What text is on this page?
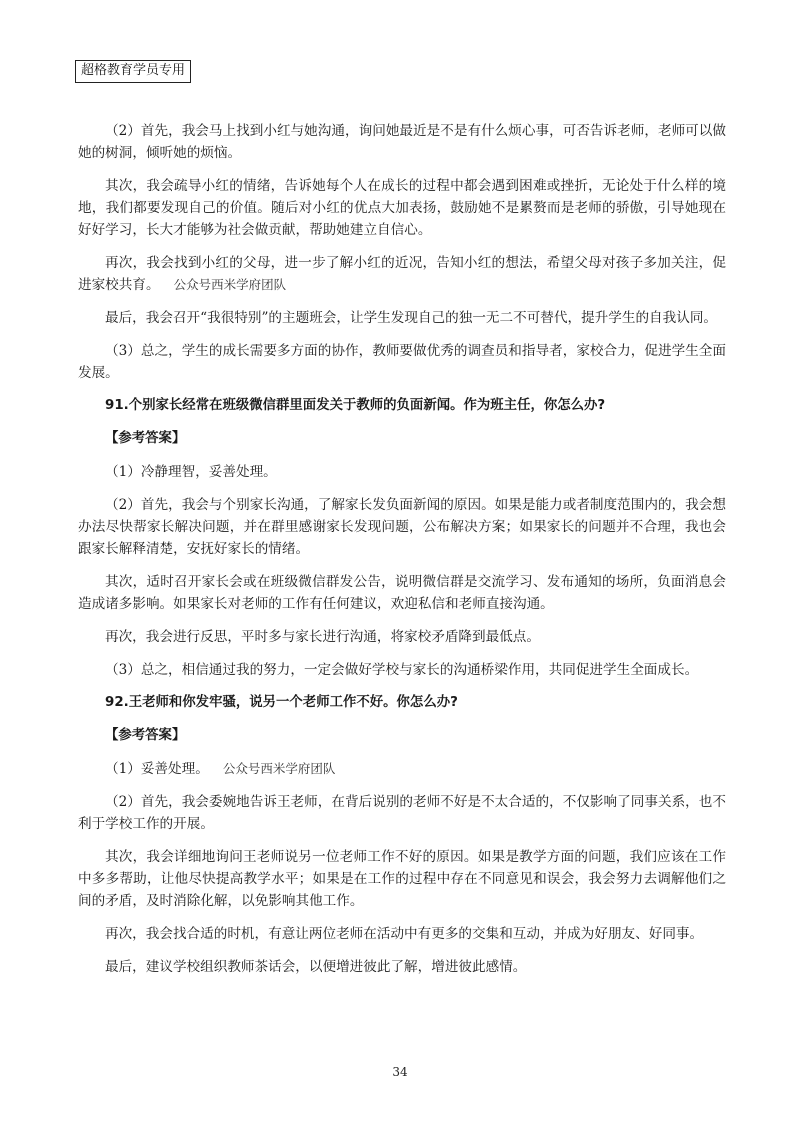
超格教育学员专用

（2）首先，我会马上找到小红与她沟通，询问她最近是不是有什么烦心事，可否告诉老师，老师可以做她的树洞，倾听她的烦恼。

其次，我会疏导小红的情绪，告诉她每个人在成长的过程中都会遇到困难或挫折，无论处于什么样的境地，我们都要发现自己的价值。随后对小红的优点大加表扬，鼓励她不是累赘而是老师的骄傲，引导她现在好好学习，长大才能够为社会做贡献，帮助她建立自信心。

再次，我会找到小红的父母，进一步了解小红的近况，告知小红的想法，希望父母对孩子多加关注，促进家校共育。 公众号西米学府团队

最后，我会召开“我很特别”的主题班会，让学生发现自己的独一无二不可替代，提升学生的自我认同。

（3）总之，学生的成长需要多方面的协作，教师要做优秀的调查员和指导者，家校合力，促进学生全面发展。

91.个别家长经常在班级微信群里面发关于教师的负面新闻。作为班主任，你怎么办?

【参考答案】

（1）冷静理智，妥善处理。

（2）首先，我会与个别家长沟通，了解家长发负面新闻的原因。如果是能力或者制度范围内的，我会想办法尽快帮家长解决问题，并在群里感谢家长发现问题，公布解决方案；如果家长的问题并不合理，我也会跟家长解释清楚，安抚好家长的情绪。

其次，适时召开家长会或在班级微信群发公告，说明微信群是交流学习、发布通知的场所，负面消息会造成诸多影响。如果家长对老师的工作有任何建议，欢迎私信和老师直接沟通。

再次，我会进行反思，平时多与家长进行沟通，将家校矛盾降到最低点。

（3）总之，相信通过我的努力，一定会做好学校与家长的沟通桥梁作用，共同促进学生全面成长。

92.王老师和你发牢骚，说另一个老师工作不好。你怎么办?

【参考答案】

（1）妥善处理。 公众号西米学府团队

（2）首先，我会委婉地告诉王老师，在背后说别的老师不好是不太合适的，不仅影响了同事关系，也不利于学校工作的开展。

其次，我会详细地询问王老师说另一位老师工作不好的原因。如果是教学方面的问题，我们应该在工作中多多帮助，让他尽快提高教学水平；如果是在工作的过程中存在不同意见和误会，我会努力去调解他们之间的矛盾，及时消除化解，以免影响其他工作。

再次，我会找合适的时机，有意让两位老师在活动中有更多的交集和互动，并成为好朋友、好同事。

最后，建议学校组织教师茶话会，以便增进彼此了解，增进彼此感情。

34
